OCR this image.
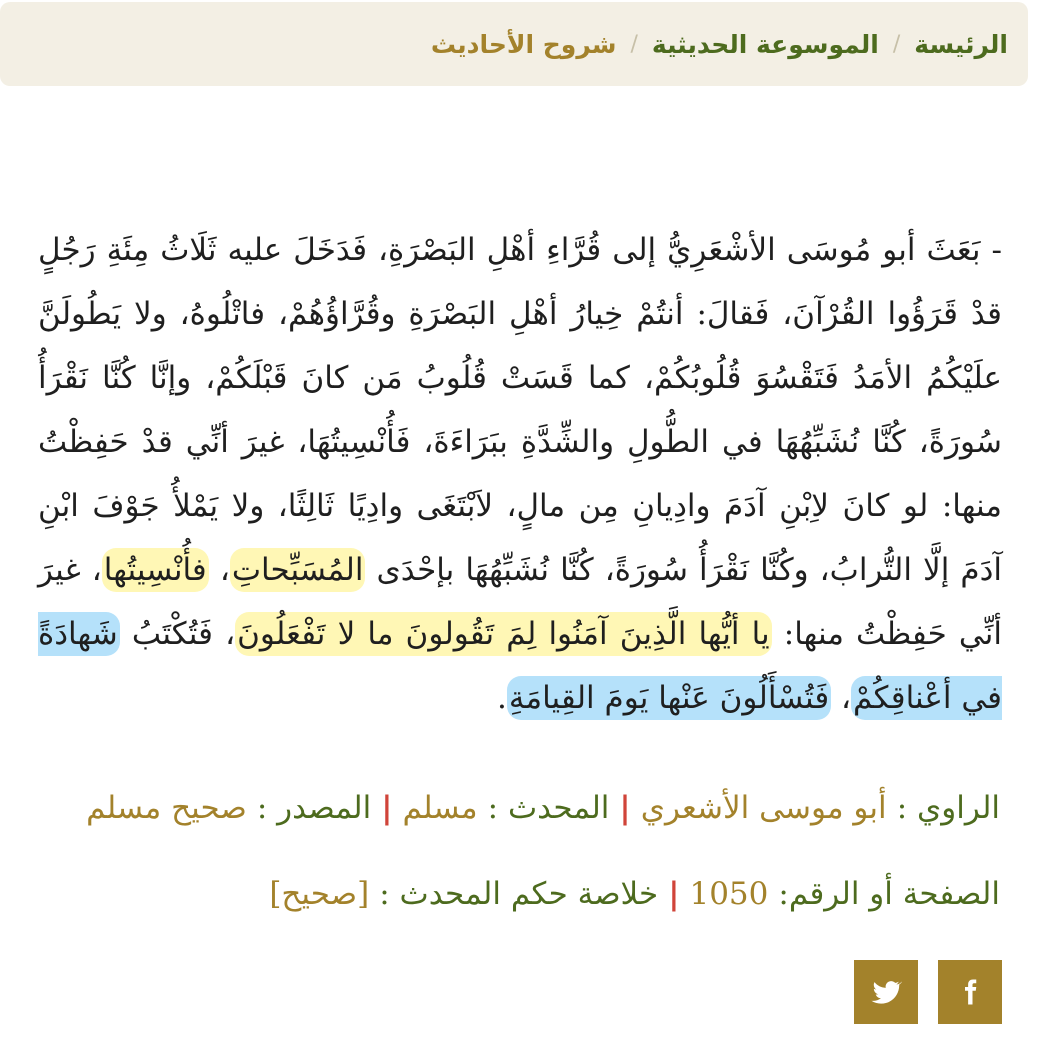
الرئيسة
/
الموسوعة الحديثية
/
شروح الأحاديث
- بَعَثَ أبو مُوسَى الأشْعَرِيُّ إلى قُرَّاءِ أهْلِ البَصْرَةِ، فَدَخَلَ عليه ثَلَاثُ مِئَةِ رَجُلٍ قدْ قَرَؤُوا القُرْآنَ، فَقالَ: أنتُمْ خِيارُ أهْلِ البَصْرَةِ وقُرَّاؤُهُمْ، فاتْلُوهُ، ولا يَطُولَنَّ علَيْكُمُ الأمَدُ فَتَقْسُوَ قُلُوبُكُمْ، كما قَسَتْ قُلُوبُ مَن كانَ قَبْلَكُمْ، وإنَّا كُنَّا نَقْرَأُ سُورَةً، كُنَّا نُشَبِّهُهَا في الطُّولِ والشِّدَّةِ ببَرَاءَةَ، فَأُنْسِيتُهَا، غيرَ أنِّي قدْ حَفِظْتُ منها: لو كانَ لاِبْنِ آدَمَ وادِيانِ مِن مالٍ، لاَبْتَغَى وادِيًا ثَالِثًا، ولا يَمْلأُ جَوْفَ ابْنِ آدَمَ إلَّا التُّرابُ، وكُنَّا نَقْرَأُ سُورَةً، كُنَّا نُشَبِّهُهَا بإحْدَى المُسَبِّحاتِ، فأُنْسِيتُها، غيرَ أنِّي حَفِظْتُ منها: يا أيُّها الَّذِينَ آمَنُوا لِمَ تَقُولونَ ما لا تَفْعَلُونَ، فَتُكْتَبُ شَهادَةً في أعْناقِكُمْ، فَتُسْأَلُونَ عَنْها يَومَ القِيامَةِ.
الراوي :
أبو موسى الأشعري
|
المحدث :
مسلم
|
المصدر :
صحيح مسلم
الصفحة أو الرقم:
1050
|
خلاصة حكم المحدث :
[صحيح]
